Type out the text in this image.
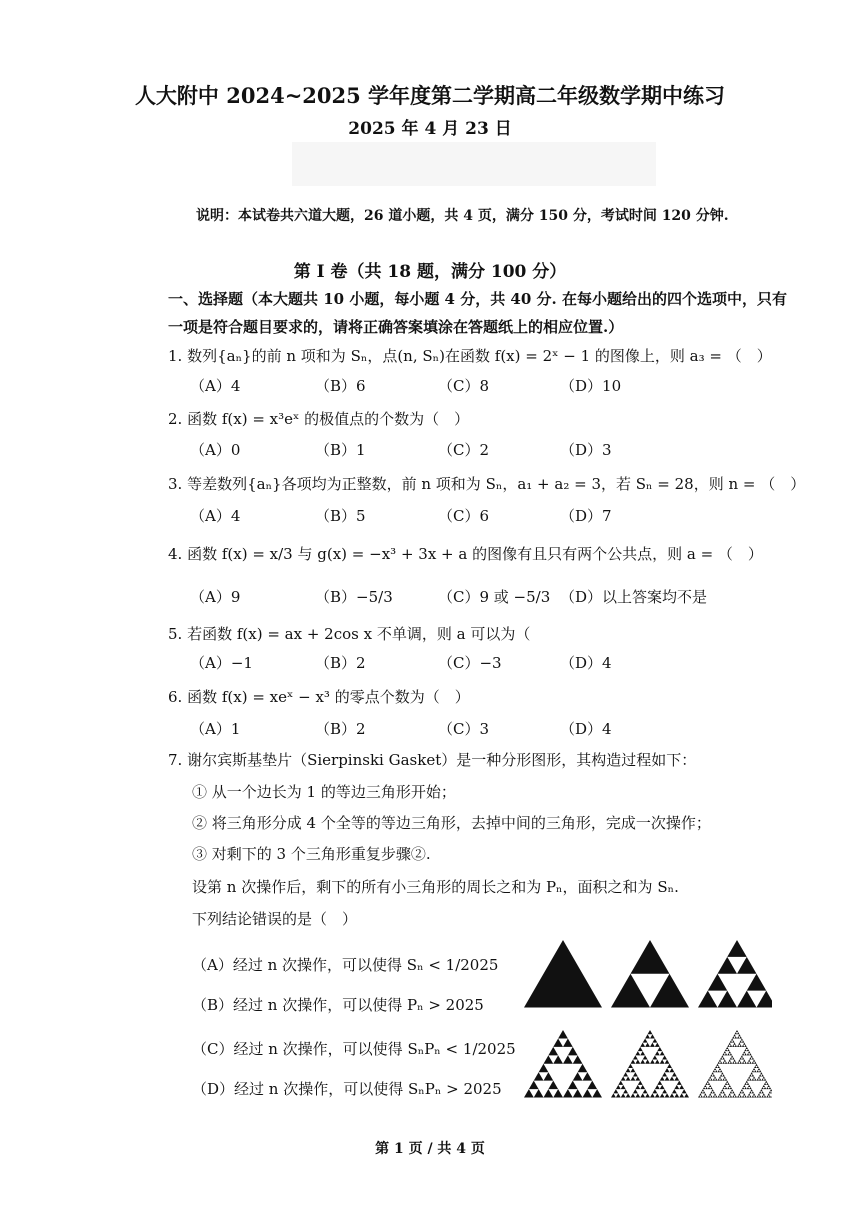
人大附中 2024~2025 学年度第二学期高二年级数学期中练习
2025 年 4 月 23 日
说明：本试卷共六道大题，26 道小题，共 4 页，满分 150 分，考试时间 120 分钟.
第 I 卷（共 18 题，满分 100 分）
一、选择题（本大题共 10 小题，每小题 4 分，共 40 分. 在每小题给出的四个选项中，只有
一项是符合题目要求的，请将正确答案填涂在答题纸上的相应位置.）
1. 数列{aₙ}的前 n 项和为 Sₙ，点(n, Sₙ)在函数 f(x) = 2ˣ − 1 的图像上，则 a₃ = （　）
（A）4	（B）6	（C）8	（D）10
2. 函数 f(x) = x³eˣ 的极值点的个数为（　）
（A）0	（B）1	（C）2	（D）3
3. 等差数列{aₙ}各项均为正整数，前 n 项和为 Sₙ，a₁ + a₂ = 3，若 Sₙ = 28，则 n = （　）
（A）4	（B）5	（C）6	（D）7
4. 函数 f(x) = x/3 与 g(x) = −x³ + 3x + a 的图像有且只有两个公共点，则 a = （　）
（A）9	（B）−5/3	（C）9 或 −5/3 （D）以上答案均不是
5. 若函数 f(x) = ax + 2cos x 不单调，则 a 可以为（
（A）−1	（B）2	（C）−3	（D）4
6. 函数 f(x) = xeˣ − x³ 的零点个数为（　）
（A）1	（B）2	（C）3	（D）4
7. 谢尔宾斯基垫片（Sierpinski Gasket）是一种分形图形，其构造过程如下：
① 从一个边长为 1 的等边三角形开始；
② 将三角形分成 4 个全等的等边三角形，去掉中间的三角形，完成一次操作；
③ 对剩下的 3 个三角形重复步骤②.
设第 n 次操作后，剩下的所有小三角形的周长之和为 Pₙ，面积之和为 Sₙ.
下列结论错误的是（　）
（A）经过 n 次操作，可以使得 Sₙ < 1/2025
（B）经过 n 次操作，可以使得 Pₙ > 2025
（C）经过 n 次操作，可以使得 SₙPₙ < 1/2025
（D）经过 n 次操作，可以使得 SₙPₙ > 2025
第 1 页 / 共 4 页
